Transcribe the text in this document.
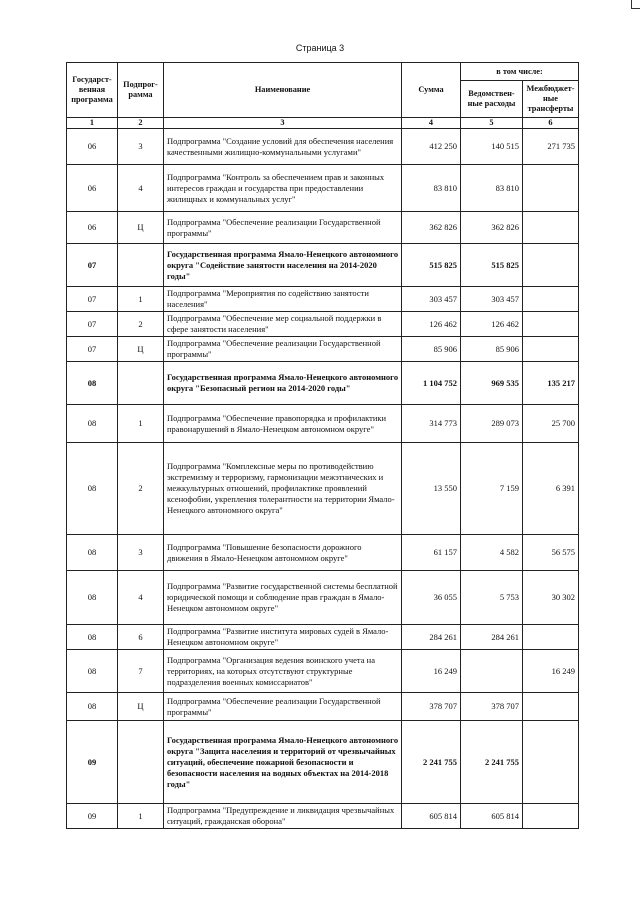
Страница 3
Государст-венная программа	Подпрог-рамма	Наименование	Сумма	в том числе:	
				Ведомствен-ные расходы	Межбюджет-ные трансферты
1	2	3	4	5	6
06	3	Подпрограмма "Создание условий для обеспечения населения качественными жилищно-коммунальными услугами"	412 250	140 515	271 735
06	4	Подпрограмма "Контроль за обеспечением прав и законных интересов граждан и государства при предоставлении жилищных и коммунальных услуг"	83 810	83 810	
06	Ц	Подпрограмма "Обеспечение реализации Государственной программы"	362 826	362 826	
07		Государственная программа Ямало-Ненецкого автономного округа "Содействие занятости населения на 2014-2020 годы"	515 825	515 825	
07	1	Подпрограмма "Мероприятия по содействию занятости населения"	303 457	303 457	
07	2	Подпрограмма "Обеспечение мер социальной поддержки в сфере занятости населения"	126 462	126 462	
07	Ц	Подпрограмма "Обеспечение реализации Государственной программы"	85 906	85 906	
08		Государственная программа Ямало-Ненецкого автономного округа "Безопасный регион на 2014-2020 годы"	1 104 752	969 535	135 217
08	1	Подпрограмма "Обеспечение правопорядка и профилактики правонарушений в Ямало-Ненецком автономном округе"	314 773	289 073	25 700
08	2	Подпрограмма "Комплексные меры по противодействию экстремизму и терроризму, гармонизации межэтнических и межкультурных отношений, профилактике проявлений ксенофобии, укрепления толерантности на территории Ямало-Ненецкого автономного округа"	13 550	7 159	6 391
08	3	Подпрограмма "Повышение безопасности дорожного движения в Ямало-Ненецком автономном округе"	61 157	4 582	56 575
08	4	Подпрограмма "Развитие государственной системы бесплатной юридической помощи и соблюдение прав граждан в Ямало-Ненецком автономном округе"	36 055	5 753	30 302
08	6	Подпрограмма "Развитие института мировых судей в Ямало-Ненецком автономном округе"	284 261	284 261	
08	7	Подпрограмма "Организация ведения воинского учета на территориях, на которых отсутствуют структурные подразделения военных комиссариатов"	16 249		16 249
08	Ц	Подпрограмма "Обеспечение реализации Государственной программы"	378 707	378 707	
09		Государственная программа Ямало-Ненецкого автономного округа "Защита населения и территорий от чрезвычайных ситуаций, обеспечение пожарной безопасности и безопасности населения на водных объектах на 2014-2018 годы"	2 241 755	2 241 755	
09	1	Подпрограмма "Предупреждение и ликвидация чрезвычайных ситуаций, гражданская оборона"	605 814	605 814	
